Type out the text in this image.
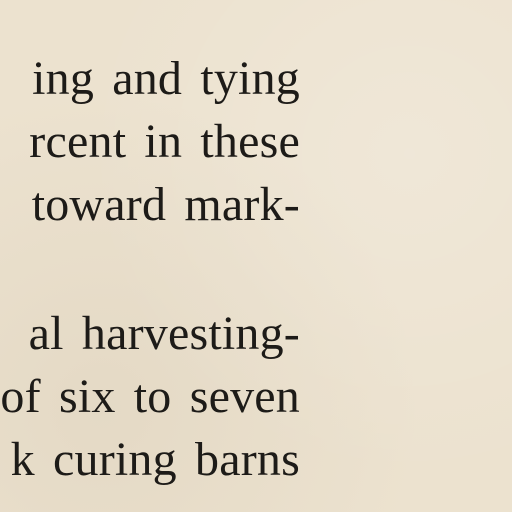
ing and tying
rcent in these
toward mark-
al harvesting-
of six to seven
k curing barns
